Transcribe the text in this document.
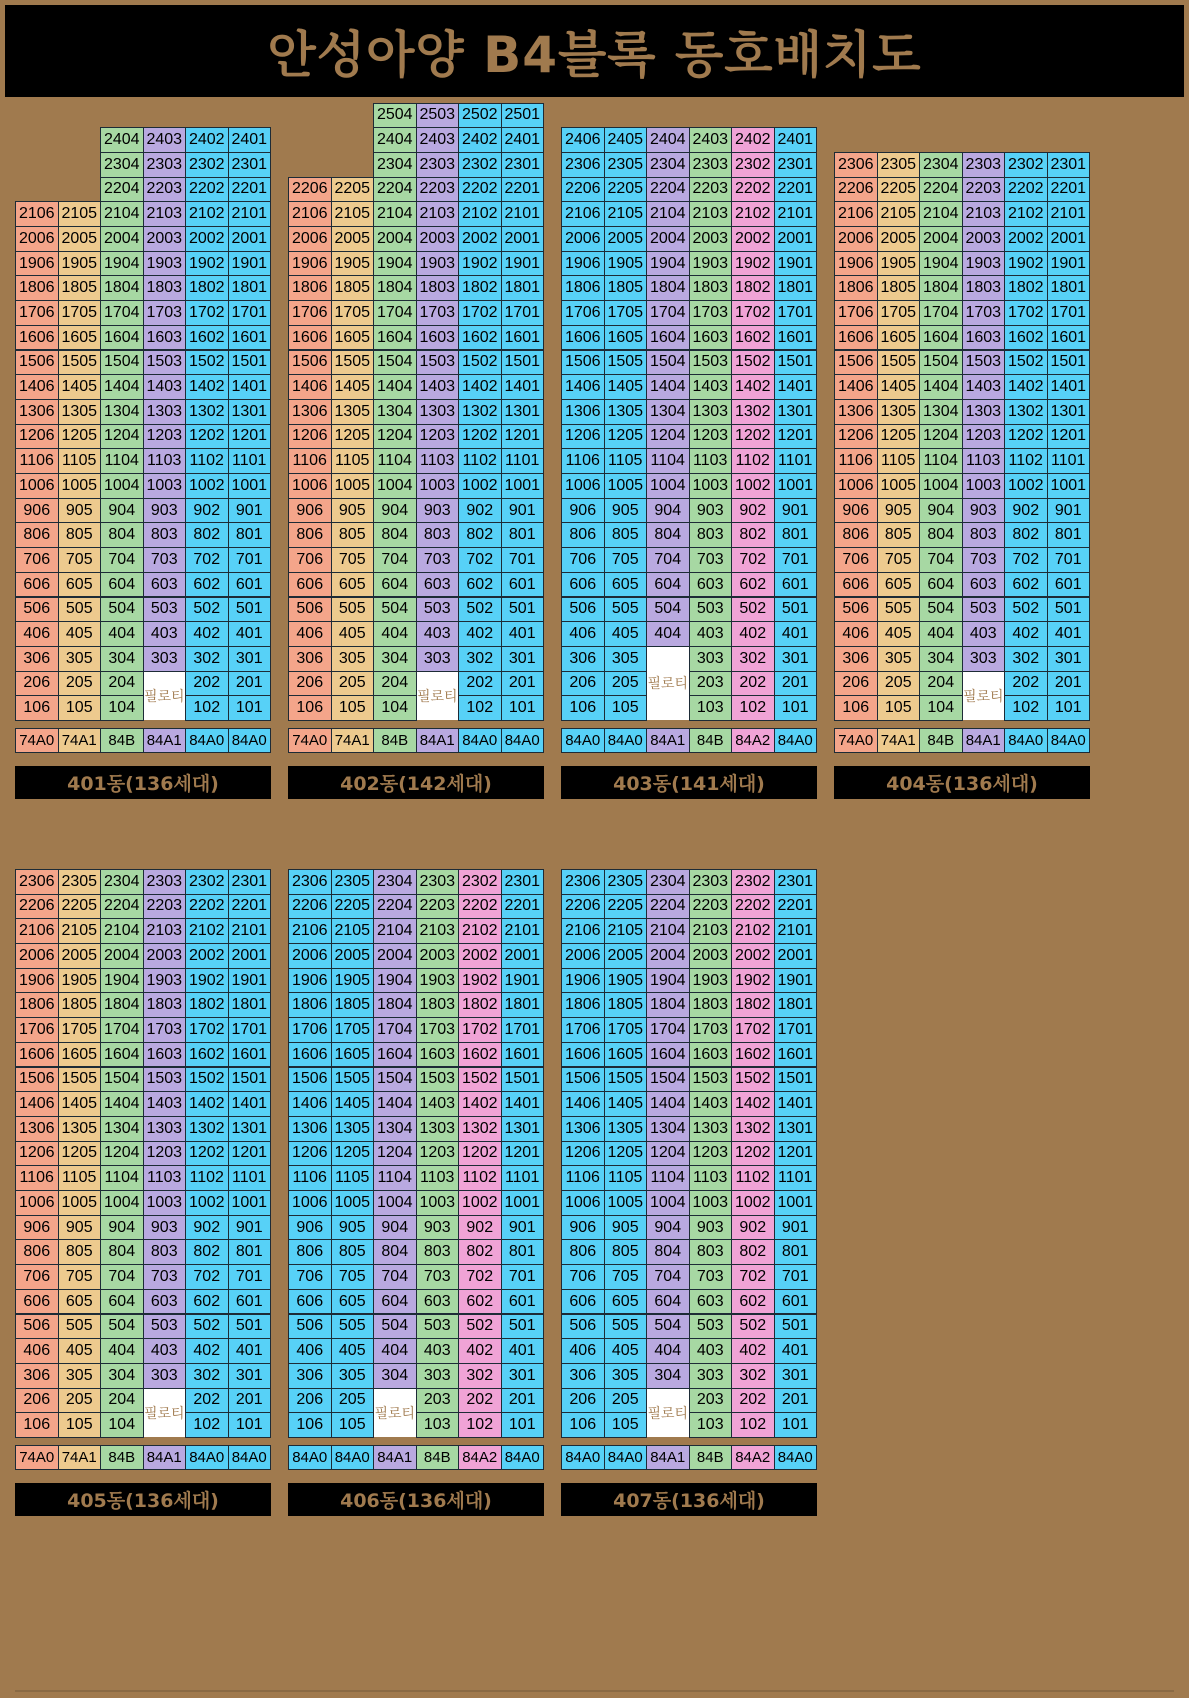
안성아양 B4블록 동호배치도
106
206
306
406
506
606
706
806
906
1006
1106
1206
1306
1406
1506
1606
1706
1806
1906
2006
2106
105
205
305
405
505
605
705
805
905
1005
1105
1205
1305
1405
1505
1605
1705
1805
1905
2005
2105
104
204
304
404
504
604
704
804
904
1004
1104
1204
1304
1404
1504
1604
1704
1804
1904
2004
2104
2204
2304
2404
303
403
503
603
703
803
903
1003
1103
1203
1303
1403
1503
1603
1703
1803
1903
2003
2103
2203
2303
2403
필로티
102
202
302
402
502
602
702
802
902
1002
1102
1202
1302
1402
1502
1602
1702
1802
1902
2002
2102
2202
2302
2402
101
201
301
401
501
601
701
801
901
1001
1101
1201
1301
1401
1501
1601
1701
1801
1901
2001
2101
2201
2301
2401
74A0 74A1 84B 84A1 84A0 84A0
401동(136세대)
106
206
306
406
506
606
706
806
906
1006
1106
1206
1306
1406
1506
1606
1706
1806
1906
2006
2106
2206
105
205
305
405
505
605
705
805
905
1005
1105
1205
1305
1405
1505
1605
1705
1805
1905
2005
2105
2205
104
204
304
404
504
604
704
804
904
1004
1104
1204
1304
1404
1504
1604
1704
1804
1904
2004
2104
2204
2304
2404
2504
303
403
503
603
703
803
903
1003
1103
1203
1303
1403
1503
1603
1703
1803
1903
2003
2103
2203
2303
2403
2503
필로티
102
202
302
402
502
602
702
802
902
1002
1102
1202
1302
1402
1502
1602
1702
1802
1902
2002
2102
2202
2302
2402
2502
101
201
301
401
501
601
701
801
901
1001
1101
1201
1301
1401
1501
1601
1701
1801
1901
2001
2101
2201
2301
2401
2501
74A0 74A1 84B 84A1 84A0 84A0
402동(142세대)
106
206
306
406
506
606
706
806
906
1006
1106
1206
1306
1406
1506
1606
1706
1806
1906
2006
2106
2206
2306
2406
105
205
305
405
505
605
705
805
905
1005
1105
1205
1305
1405
1505
1605
1705
1805
1905
2005
2105
2205
2305
2405
404
504
604
704
804
904
1004
1104
1204
1304
1404
1504
1604
1704
1804
1904
2004
2104
2204
2304
2404
필로티
103
203
303
403
503
603
703
803
903
1003
1103
1203
1303
1403
1503
1603
1703
1803
1903
2003
2103
2203
2303
2403
102
202
302
402
502
602
702
802
902
1002
1102
1202
1302
1402
1502
1602
1702
1802
1902
2002
2102
2202
2302
2402
101
201
301
401
501
601
701
801
901
1001
1101
1201
1301
1401
1501
1601
1701
1801
1901
2001
2101
2201
2301
2401
84A0 84A0 84A1 84B 84A2 84A0
403동(141세대)
106
206
306
406
506
606
706
806
906
1006
1106
1206
1306
1406
1506
1606
1706
1806
1906
2006
2106
2206
2306
105
205
305
405
505
605
705
805
905
1005
1105
1205
1305
1405
1505
1605
1705
1805
1905
2005
2105
2205
2305
104
204
304
404
504
604
704
804
904
1004
1104
1204
1304
1404
1504
1604
1704
1804
1904
2004
2104
2204
2304
303
403
503
603
703
803
903
1003
1103
1203
1303
1403
1503
1603
1703
1803
1903
2003
2103
2203
2303
필로티
102
202
302
402
502
602
702
802
902
1002
1102
1202
1302
1402
1502
1602
1702
1802
1902
2002
2102
2202
2302
101
201
301
401
501
601
701
801
901
1001
1101
1201
1301
1401
1501
1601
1701
1801
1901
2001
2101
2201
2301
74A0 74A1 84B 84A1 84A0 84A0
404동(136세대)
106
206
306
406
506
606
706
806
906
1006
1106
1206
1306
1406
1506
1606
1706
1806
1906
2006
2106
2206
2306
105
205
305
405
505
605
705
805
905
1005
1105
1205
1305
1405
1505
1605
1705
1805
1905
2005
2105
2205
2305
104
204
304
404
504
604
704
804
904
1004
1104
1204
1304
1404
1504
1604
1704
1804
1904
2004
2104
2204
2304
303
403
503
603
703
803
903
1003
1103
1203
1303
1403
1503
1603
1703
1803
1903
2003
2103
2203
2303
필로티
102
202
302
402
502
602
702
802
902
1002
1102
1202
1302
1402
1502
1602
1702
1802
1902
2002
2102
2202
2302
101
201
301
401
501
601
701
801
901
1001
1101
1201
1301
1401
1501
1601
1701
1801
1901
2001
2101
2201
2301
74A0 74A1 84B 84A1 84A0 84A0
405동(136세대)
106
206
306
406
506
606
706
806
906
1006
1106
1206
1306
1406
1506
1606
1706
1806
1906
2006
2106
2206
2306
105
205
305
405
505
605
705
805
905
1005
1105
1205
1305
1405
1505
1605
1705
1805
1905
2005
2105
2205
2305
304
404
504
604
704
804
904
1004
1104
1204
1304
1404
1504
1604
1704
1804
1904
2004
2104
2204
2304
필로티
103
203
303
403
503
603
703
803
903
1003
1103
1203
1303
1403
1503
1603
1703
1803
1903
2003
2103
2203
2303
102
202
302
402
502
602
702
802
902
1002
1102
1202
1302
1402
1502
1602
1702
1802
1902
2002
2102
2202
2302
101
201
301
401
501
601
701
801
901
1001
1101
1201
1301
1401
1501
1601
1701
1801
1901
2001
2101
2201
2301
84A0 84A0 84A1 84B 84A2 84A0
406동(136세대)
106
206
306
406
506
606
706
806
906
1006
1106
1206
1306
1406
1506
1606
1706
1806
1906
2006
2106
2206
2306
105
205
305
405
505
605
705
805
905
1005
1105
1205
1305
1405
1505
1605
1705
1805
1905
2005
2105
2205
2305
304
404
504
604
704
804
904
1004
1104
1204
1304
1404
1504
1604
1704
1804
1904
2004
2104
2204
2304
필로티
103
203
303
403
503
603
703
803
903
1003
1103
1203
1303
1403
1503
1603
1703
1803
1903
2003
2103
2203
2303
102
202
302
402
502
602
702
802
902
1002
1102
1202
1302
1402
1502
1602
1702
1802
1902
2002
2102
2202
2302
101
201
301
401
501
601
701
801
901
1001
1101
1201
1301
1401
1501
1601
1701
1801
1901
2001
2101
2201
2301
84A0 84A0 84A1 84B 84A2 84A0
407동(136세대)
